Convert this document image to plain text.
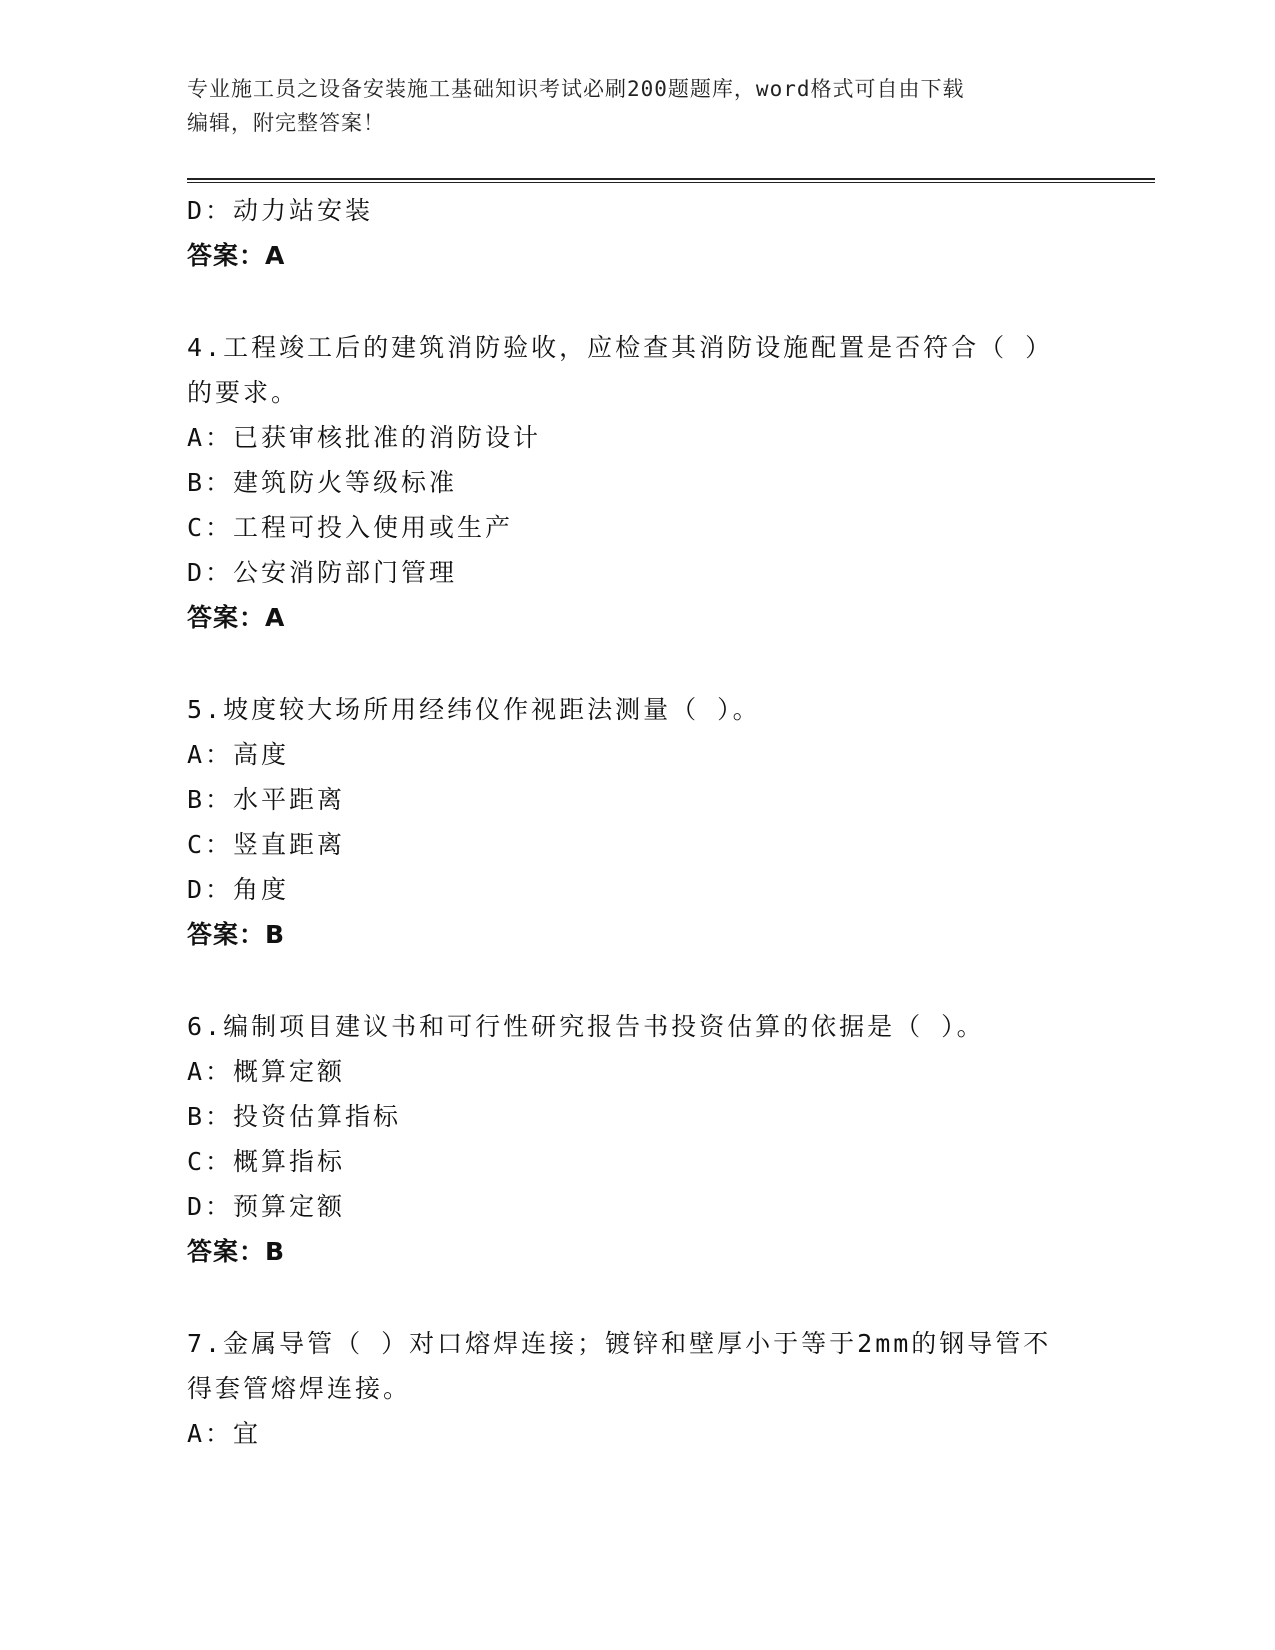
专业施工员之设备安装施工基础知识考试必刷200题题库，word格式可自由下载
编辑，附完整答案！
D：动力站安装
答案：A
4.工程竣工后的建筑消防验收，应检查其消防设施配置是否符合（ ）
的要求。
A：已获审核批准的消防设计
B：建筑防火等级标准
C：工程可投入使用或生产
D：公安消防部门管理
答案：A
5.坡度较大场所用经纬仪作视距法测量（ ）。
A：高度
B：水平距离
C：竖直距离
D：角度
答案：B
6.编制项目建议书和可行性研究报告书投资估算的依据是（ ）。
A：概算定额
B：投资估算指标
C：概算指标
D：预算定额
答案：B
7.金属导管（ ）对口熔焊连接；镀锌和壁厚小于等于2mm的钢导管不
得套管熔焊连接。
A：宜
